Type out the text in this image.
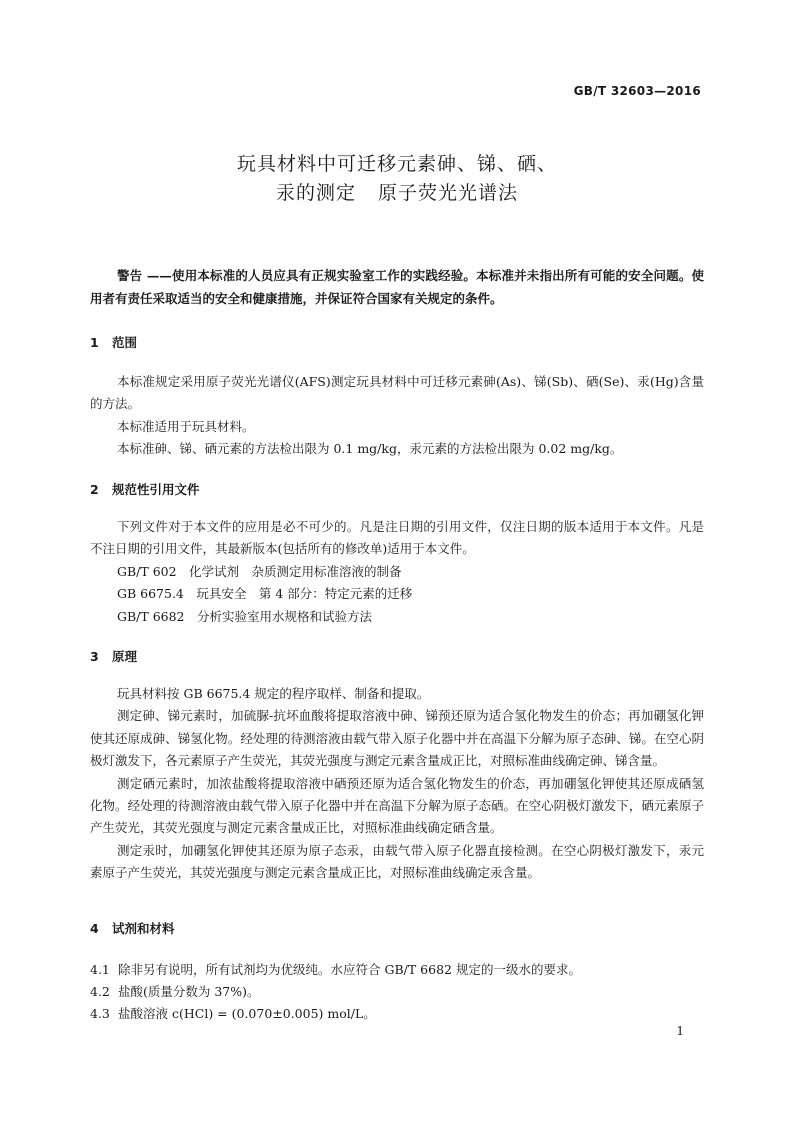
GB/T 32603—2016
玩具材料中可迁移元素砷、锑、硒、
汞的测定 原子荧光光谱法
警告 ——使用本标准的人员应具有正规实验室工作的实践经验。本标准并未指出所有可能的安全问题。使用者有责任采取适当的安全和健康措施，并保证符合国家有关规定的条件。
1 范围

本标准规定采用原子荧光光谱仪(AFS)测定玩具材料中可迁移元素砷(As)、锑(Sb)、硒(Se)、汞(Hg)含量的方法。

本标准适用于玩具材料。

本标准砷、锑、硒元素的方法检出限为 0.1 mg/kg，汞元素的方法检出限为 0.02 mg/kg。

2 规范性引用文件

下列文件对于本文件的应用是必不可少的。凡是注日期的引用文件，仅注日期的版本适用于本文件。凡是不注日期的引用文件，其最新版本(包括所有的修改单)适用于本文件。

GB/T 602　化学试剂　杂质测定用标准溶液的制备

GB 6675.4　玩具安全　第 4 部分：特定元素的迁移

GB/T 6682　分析实验室用水规格和试验方法

3 原理

玩具材料按 GB 6675.4 规定的程序取样、制备和提取。

测定砷、锑元素时，加硫脲-抗坏血酸将提取溶液中砷、锑预还原为适合氢化物发生的价态；再加硼氢化钾使其还原成砷、锑氢化物。经处理的待测溶液由载气带入原子化器中并在高温下分解为原子态砷、锑。在空心阴极灯激发下，各元素原子产生荧光，其荧光强度与测定元素含量成正比，对照标准曲线确定砷、锑含量。

测定硒元素时，加浓盐酸将提取溶液中硒预还原为适合氢化物发生的价态，再加硼氢化钾使其还原成硒氢化物。经处理的待测溶液由载气带入原子化器中并在高温下分解为原子态硒。在空心阴极灯激发下，硒元素原子产生荧光，其荧光强度与测定元素含量成正比，对照标准曲线确定硒含量。

测定汞时，加硼氢化钾使其还原为原子态汞，由载气带入原子化器直接检测。在空心阴极灯激发下，汞元素原子产生荧光，其荧光强度与测定元素含量成正比，对照标准曲线确定汞含量。

4 试剂和材料
4.1 除非另有说明，所有试剂均为优级纯。水应符合 GB/T 6682 规定的一级水的要求。
4.2 盐酸(质量分数为 37%)。
4.3 盐酸溶液 c(HCl) = (0.070±0.005) mol/L。
1
